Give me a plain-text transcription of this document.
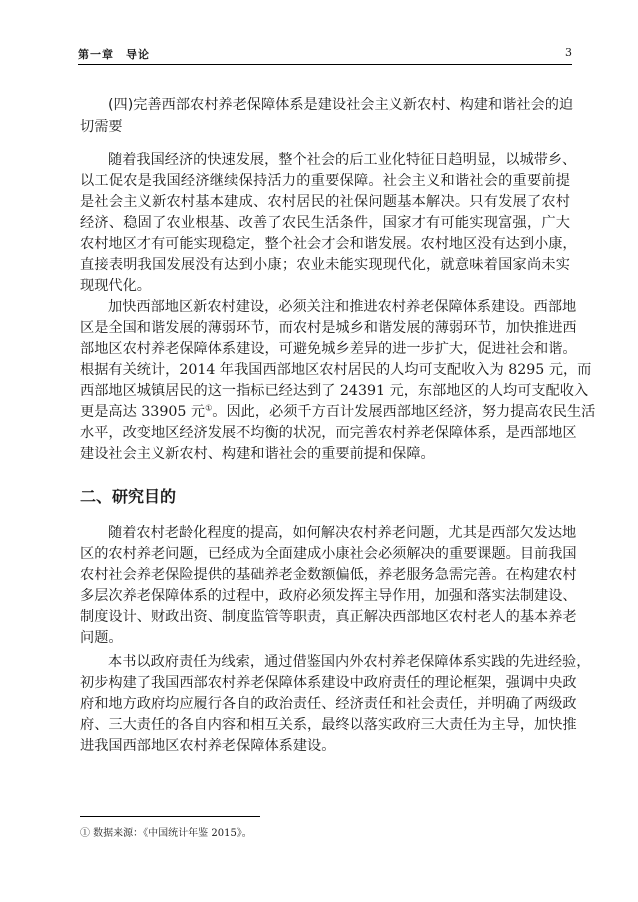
第一章　导论	3
(四)完善西部农村养老保障体系是建设社会主义新农村、构建和谐社会的迫
切需要
随着我国经济的快速发展，整个社会的后工业化特征日趋明显，以城带乡、
以工促农是我国经济继续保持活力的重要保障。社会主义和谐社会的重要前提
是社会主义新农村基本建成、农村居民的社保问题基本解决。只有发展了农村
经济、稳固了农业根基、改善了农民生活条件，国家才有可能实现富强，广大
农村地区才有可能实现稳定，整个社会才会和谐发展。农村地区没有达到小康，
直接表明我国发展没有达到小康；农业未能实现现代化，就意味着国家尚未实
现现代化。
加快西部地区新农村建设，必须关注和推进农村养老保障体系建设。西部地
区是全国和谐发展的薄弱环节，而农村是城乡和谐发展的薄弱环节，加快推进西
部地区农村养老保障体系建设，可避免城乡差异的进一步扩大，促进社会和谐。
根据有关统计，2014 年我国西部地区农村居民的人均可支配收入为 8295 元，而
西部地区城镇居民的这一指标已经达到了 24391 元，东部地区的人均可支配收入
更是高达 33905 元①。因此，必须千方百计发展西部地区经济，努力提高农民生活
水平，改变地区经济发展不均衡的状况，而完善农村养老保障体系，是西部地区
建设社会主义新农村、构建和谐社会的重要前提和保障。
二、研究目的
随着农村老龄化程度的提高，如何解决农村养老问题，尤其是西部欠发达地
区的农村养老问题，已经成为全面建成小康社会必须解决的重要课题。目前我国
农村社会养老保险提供的基础养老金数额偏低，养老服务急需完善。在构建农村
多层次养老保障体系的过程中，政府必须发挥主导作用，加强和落实法制建设、
制度设计、财政出资、制度监管等职责，真正解决西部地区农村老人的基本养老
问题。
本书以政府责任为线索，通过借鉴国内外农村养老保障体系实践的先进经验，
初步构建了我国西部农村养老保障体系建设中政府责任的理论框架，强调中央政
府和地方政府均应履行各自的政治责任、经济责任和社会责任，并明确了两级政
府、三大责任的各自内容和相互关系，最终以落实政府三大责任为主导，加快推
进我国西部地区农村养老保障体系建设。
① 数据来源：《中国统计年鉴 2015》。
